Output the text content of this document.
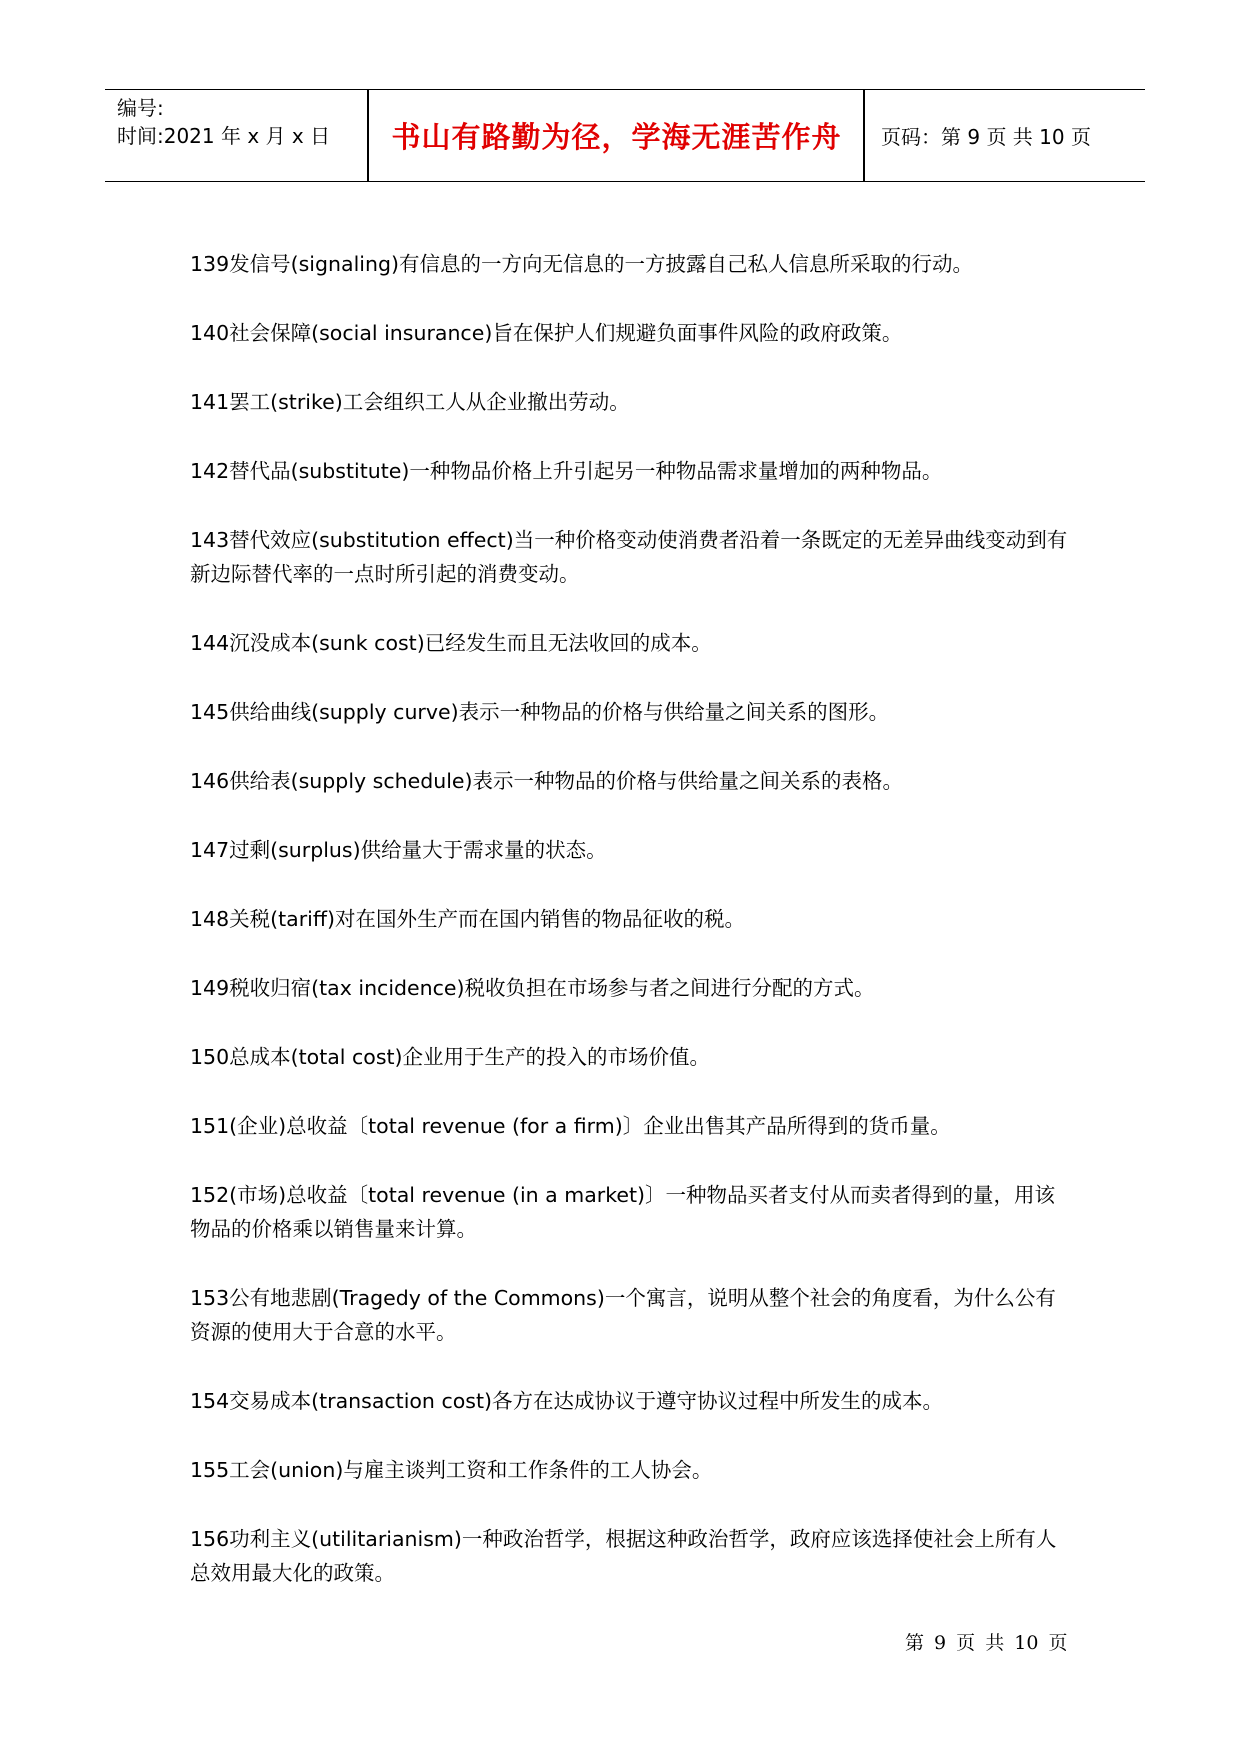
编号:
时间:2021 年 x 月 x 日	书山有路勤为径，学海无涯苦作舟	页码：第 9 页 共 10 页

139发信号(signaling)有信息的一方向无信息的一方披露自己私人信息所采取的行动。

140社会保障(social insurance)旨在保护人们规避负面事件风险的政府政策。

141罢工(strike)工会组织工人从企业撤出劳动。

142替代品(substitute)一种物品价格上升引起另一种物品需求量增加的两种物品。

143替代效应(substitution effect)当一种价格变动使消费者沿着一条既定的无差异曲线变动到有新边际替代率的一点时所引起的消费变动。

144沉没成本(sunk cost)已经发生而且无法收回的成本。

145供给曲线(supply curve)表示一种物品的价格与供给量之间关系的图形。

146供给表(supply schedule)表示一种物品的价格与供给量之间关系的表格。

147过剩(surplus)供给量大于需求量的状态。

148关税(tariff)对在国外生产而在国内销售的物品征收的税。

149税收归宿(tax incidence)税收负担在市场参与者之间进行分配的方式。

150总成本(total cost)企业用于生产的投入的市场价值。

151(企业)总收益〔total revenue (for a firm)〕企业出售其产品所得到的货币量。

152(市场)总收益〔total revenue (in a market)〕一种物品买者支付从而卖者得到的量，用该物品的价格乘以销售量来计算。

153公有地悲剧(Tragedy of the Commons)一个寓言，说明从整个社会的角度看，为什么公有资源的使用大于合意的水平。

154交易成本(transaction cost)各方在达成协议于遵守协议过程中所发生的成本。

155工会(union)与雇主谈判工资和工作条件的工人协会。

156功利主义(utilitarianism)一种政治哲学，根据这种政治哲学，政府应该选择使社会上所有人总效用最大化的政策。

第 9 页 共 10 页
